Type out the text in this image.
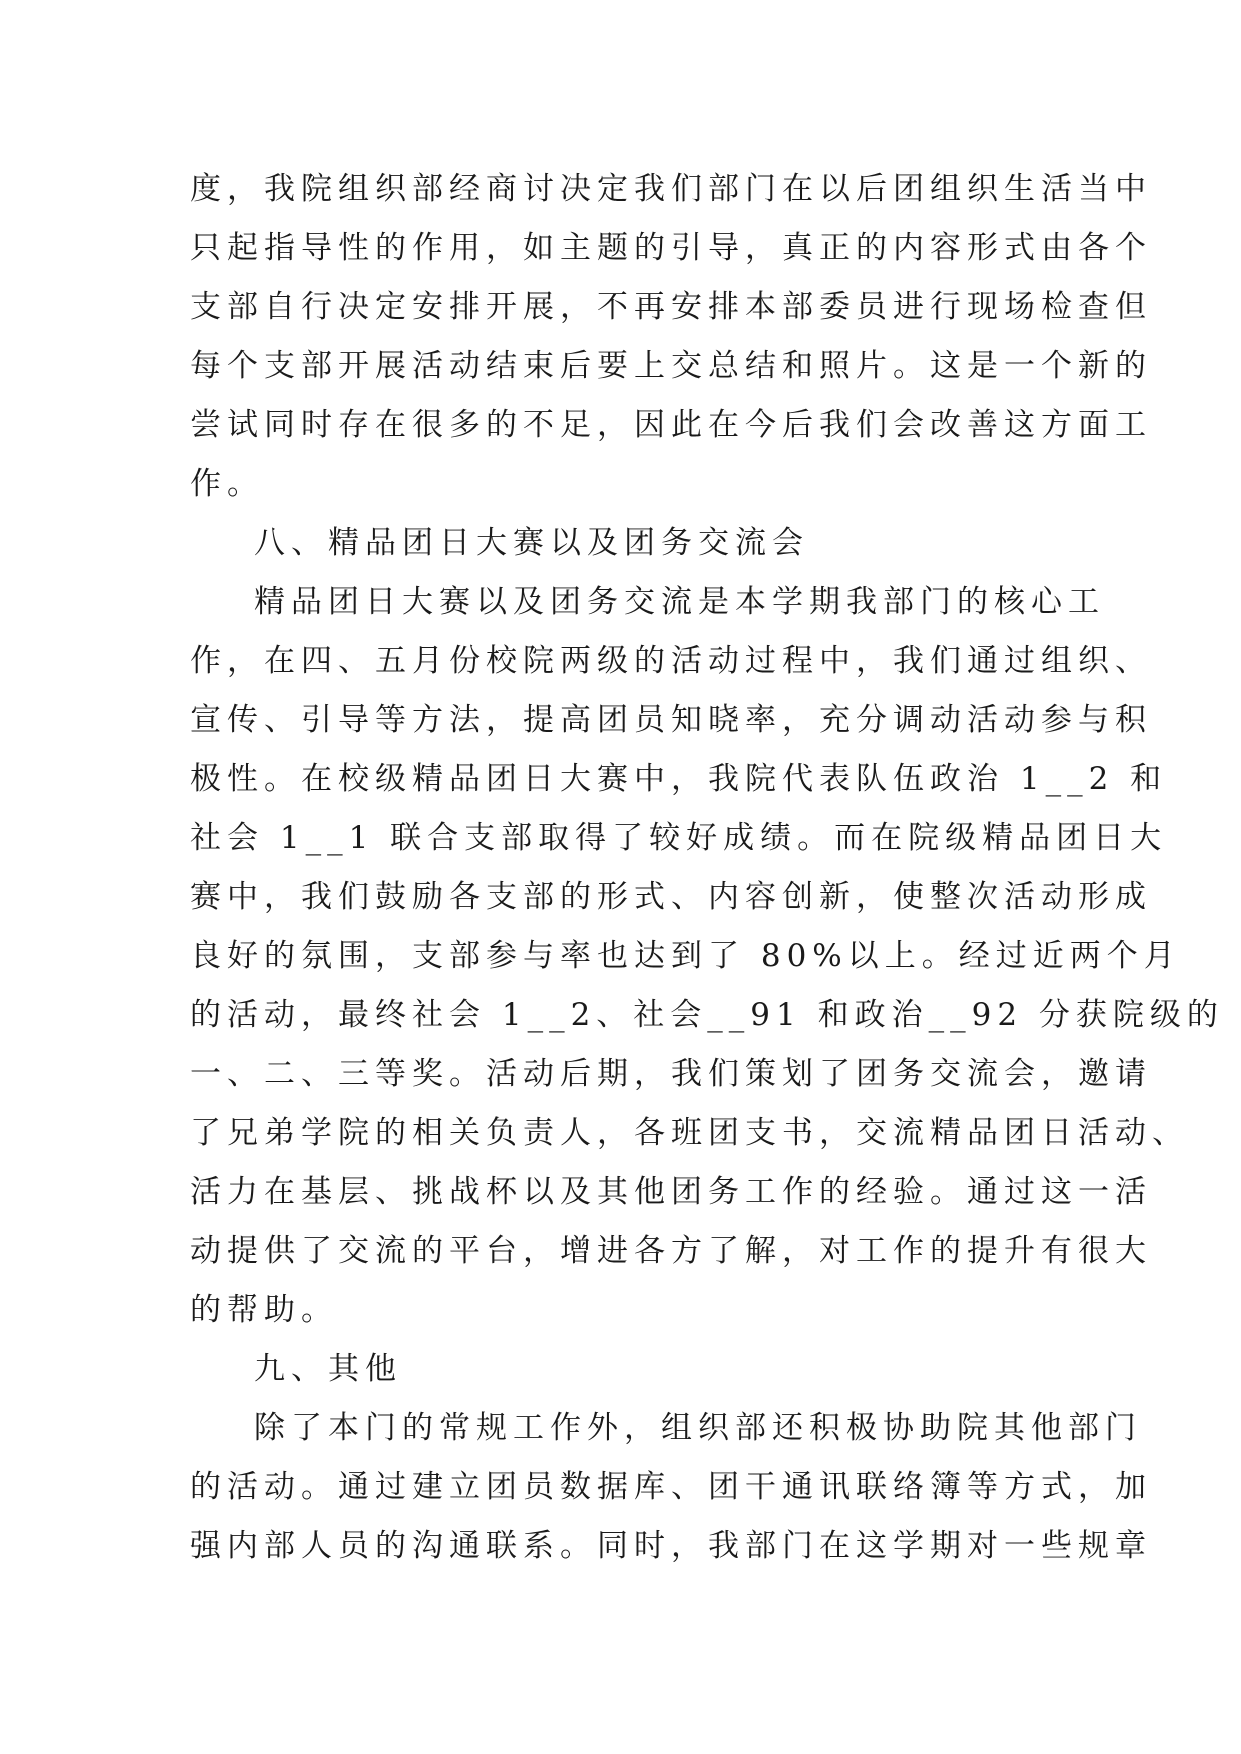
度，我院组织部经商讨决定我们部门在以后团组织生活当中
只起指导性的作用，如主题的引导，真正的内容形式由各个
支部自行决定安排开展，不再安排本部委员进行现场检查但
每个支部开展活动结束后要上交总结和照片。这是一个新的
尝试同时存在很多的不足，因此在今后我们会改善这方面工
作。
八、精品团日大赛以及团务交流会
精品团日大赛以及团务交流是本学期我部门的核心工
作，在四、五月份校院两级的活动过程中，我们通过组织、
宣传、引导等方法，提高团员知晓率，充分调动活动参与积
极性。在校级精品团日大赛中，我院代表队伍政治 1__2 和
社会 1__1 联合支部取得了较好成绩。而在院级精品团日大
赛中，我们鼓励各支部的形式、内容创新，使整次活动形成
良好的氛围，支部参与率也达到了 80%以上。经过近两个月
的活动，最终社会 1__2、社会__91 和政治__92 分获院级的
一、二、三等奖。活动后期，我们策划了团务交流会，邀请
了兄弟学院的相关负责人，各班团支书，交流精品团日活动、
活力在基层、挑战杯以及其他团务工作的经验。通过这一活
动提供了交流的平台，增进各方了解，对工作的提升有很大
的帮助。
九、其他
除了本门的常规工作外，组织部还积极协助院其他部门
的活动。通过建立团员数据库、团干通讯联络簿等方式，加
强内部人员的沟通联系。同时，我部门在这学期对一些规章
